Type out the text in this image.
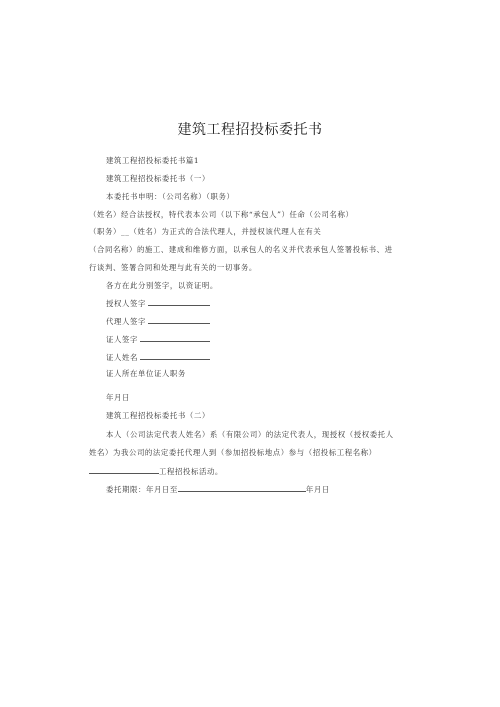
建筑工程招投标委托书
建筑工程招投标委托书篇1
建筑工程招投标委托书（一）
本委托书申明：（公司名称）（职务）
（姓名）经合法授权，特代表本公司（以下称“承包人”）任命（公司名称）
（职务）__（姓名）为正式的合法代理人，并授权该代理人在有关
（合同名称）的施工、建成和维修方面，以承包人的名义并代表承包人签署投标书、进
行谈判、签署合同和处理与此有关的一切事务。
各方在此分别签字，以资证明。
授权人签字
代理人签字
证人签字
证人姓名
证人所在单位证人职务
年月日
建筑工程招投标委托书（二）
本人（公司法定代表人姓名）系（有限公司）的法定代表人，现授权（授权委托人
姓名）为我公司的法定委托代理人到（参加招投标地点）参与（招投标工程名称）
工程招投标活动。
委托期限：年月日至	年月日
